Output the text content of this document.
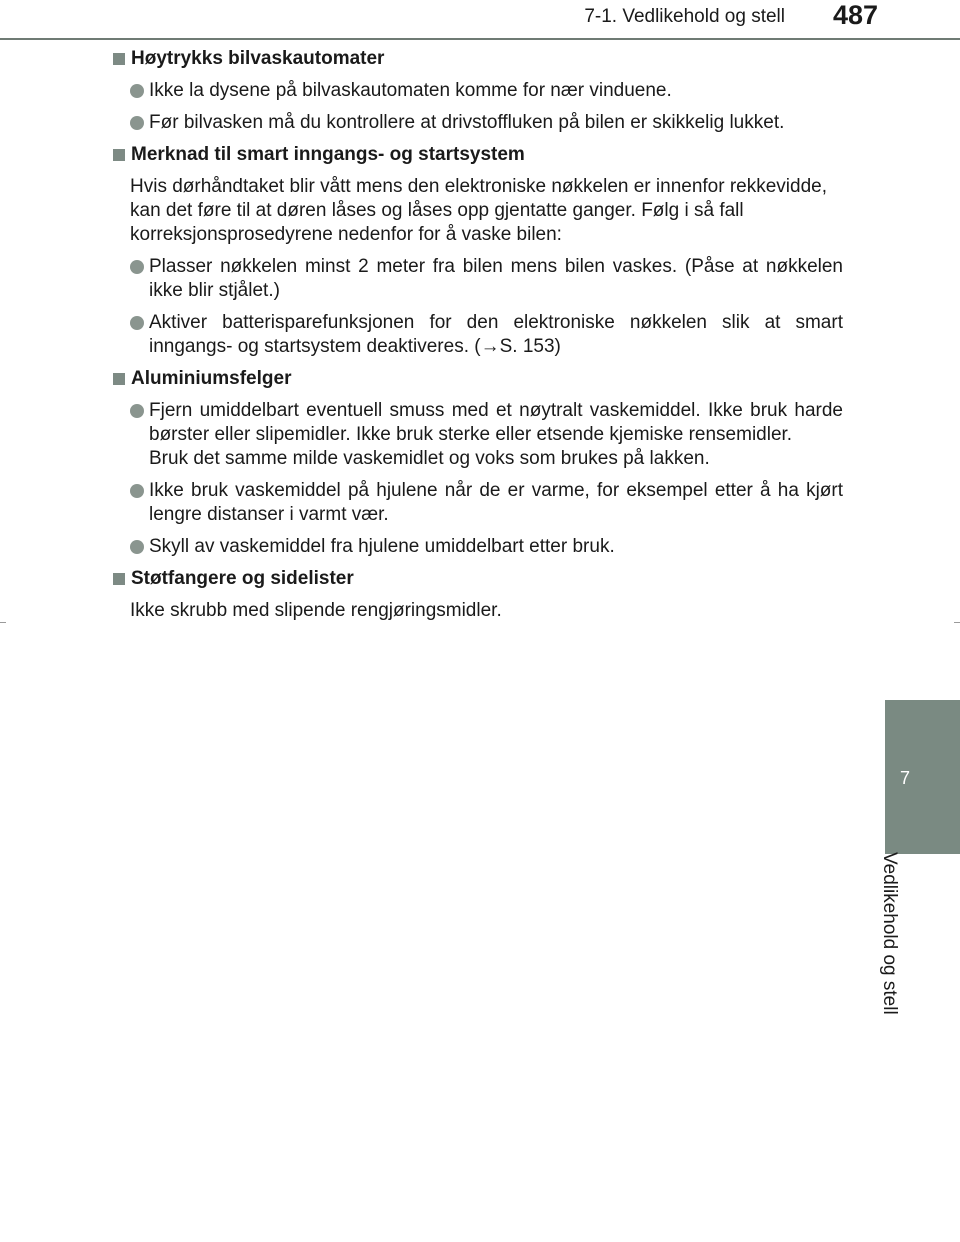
7-1. Vedlikehold og stell	487
7
Vedlikehold og stell
Høytrykks bilvaskautomater

Ikke la dysene på bilvaskautomaten komme for nær vinduene.

Før bilvasken må du kontrollere at drivstoffluken på bilen er skikkelig lukket.

Merknad til smart inngangs- og startsystem

Hvis dørhåndtaket blir vått mens den elektroniske nøkkelen er innenfor rekkevidde, kan det føre til at døren låses og låses opp gjentatte ganger. Følg i så fall korreksjonsprosedyrene nedenfor for å vaske bilen:

Plasser nøkkelen minst 2 meter fra bilen mens bilen vaskes. (Påse at nøkkelen ikke blir stjålet.)

Aktiver batterisparefunksjonen for den elektroniske nøkkelen slik at smart inngangs- og startsystem deaktiveres. (→S. 153)

Aluminiumsfelger

Fjern umiddelbart eventuell smuss med et nøytralt vaskemiddel. Ikke bruk harde børster eller slipemidler. Ikke bruk sterke eller etsende kjemiske rensemidler.

Bruk det samme milde vaskemidlet og voks som brukes på lakken.

Ikke bruk vaskemiddel på hjulene når de er varme, for eksempel etter å ha kjørt lengre distanser i varmt vær.

Skyll av vaskemiddel fra hjulene umiddelbart etter bruk.

Støtfangere og sidelister

Ikke skrubb med slipende rengjøringsmidler.
